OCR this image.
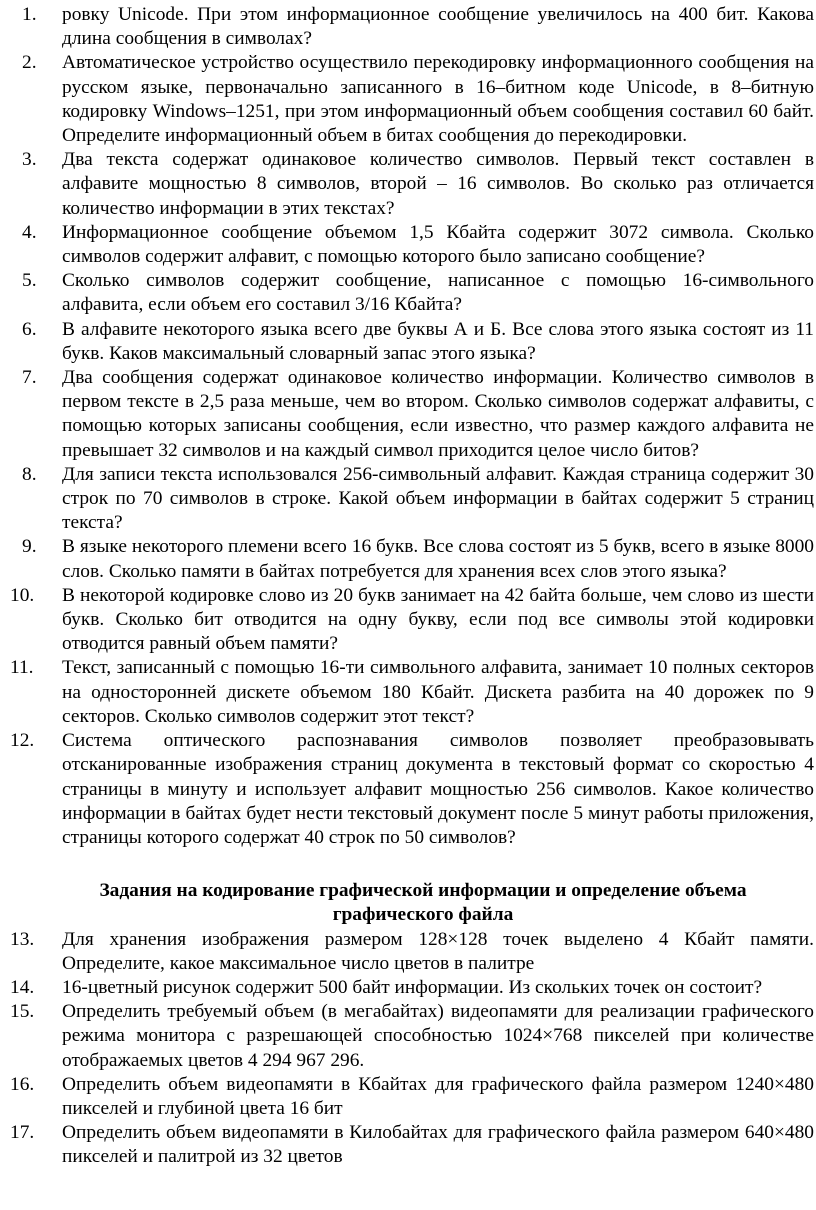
1.	ровку Unicode. При этом информационное сообщение увеличилось на 400 бит. Какова длина сообщения в символах?
2.	Автоматическое устройство осуществило перекодировку информационного сообщения на русском языке, первоначально записанного в 16–битном коде Unicode, в 8–битную кодировку Windows–1251, при этом информационный объем сообщения составил 60 байт. Определите информационный объем в битах сообщения до перекодировки.
3.	Два текста содержат одинаковое количество символов. Первый текст составлен в алфавите мощностью 8 символов, второй – 16 символов. Во сколько раз отличается количество информации в этих текстах?
4.	Информационное сообщение объемом 1,5 Кбайта содержит 3072 символа. Сколько символов содержит алфавит, с помощью которого было записано сообщение?
5.	Сколько символов содержит сообщение, написанное с помощью 16-символьного алфавита, если объем его составил 3/16 Кбайта?
6.	В алфавите некоторого языка всего две буквы А и Б. Все слова этого языка состоят из 11 букв. Каков максимальный словарный запас этого языка?
7.	Два сообщения содержат одинаковое количество информации. Количество символов в первом тексте в 2,5 раза меньше, чем во втором. Сколько символов содержат алфавиты, с помощью которых записаны сообщения, если известно, что размер каждого алфавита не превышает 32 символов и на каждый символ приходится целое число битов?
8.	Для записи текста использовался 256-символьный алфавит. Каждая страница содержит 30 строк по 70 символов в строке. Какой объем информации в байтах содержит 5 страниц текста?
9.	В языке некоторого племени всего 16 букв. Все слова состоят из 5 букв, всего в языке 8000 слов. Сколько памяти в байтах потребуется для хранения всех слов этого языка?
10.	В некоторой кодировке слово из 20 букв занимает на 42 байта больше, чем слово из шести букв. Сколько бит отводится на одну букву, если под все символы этой кодировки отводится равный объем памяти?
11.	Текст, записанный с помощью 16-ти символьного алфавита, занимает 10 полных секторов на односторонней дискете объемом 180 Кбайт. Дискета разбита на 40 дорожек по 9 секторов. Сколько символов содержит этот текст?
12.	Система оптического распознавания символов позволяет преобразовывать отсканированные изображения страниц документа в текстовый формат со скоростью 4 страницы в минуту и использует алфавит мощностью 256 символов. Какое количество информации в байтах будет нести текстовый документ после 5 минут работы приложения, страницы которого содержат 40 строк по 50 символов?
Задания на кодирование графической информации и определение объема графического файла
13.	Для хранения изображения размером 128×128 точек выделено 4 Кбайт памяти. Определите, какое максимальное число цветов в палитре
14.	16-цветный рисунок содержит 500 байт информации. Из скольких точек он состоит?
15.	Определить требуемый объем (в мегабайтах) видеопамяти для реализации графического режима монитора с разрешающей способностью 1024×768 пикселей при количестве отображаемых цветов 4 294 967 296.
16.	Определить объем видеопамяти в Кбайтах для графического файла размером 1240×480 пикселей и глубиной цвета 16 бит
17.	Определить объем видеопамяти в Килобайтах для графического файла размером 640×480 пикселей и палитрой из 32 цветов
